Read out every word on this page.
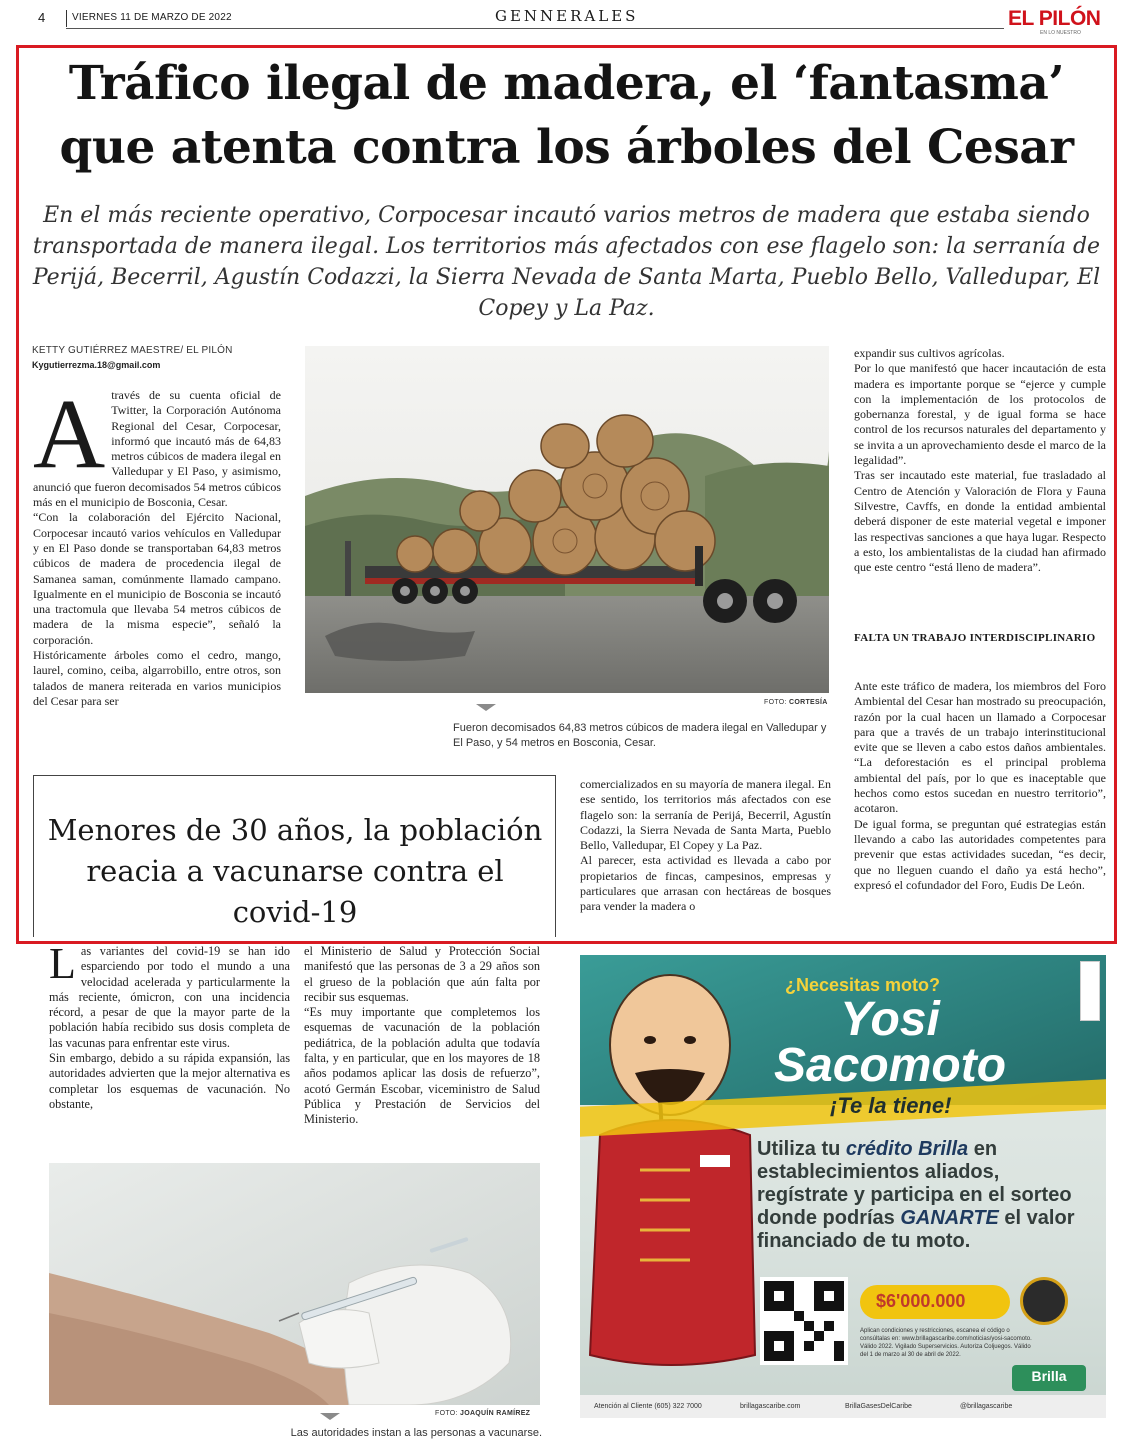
4	VIERNES 11 DE MARZO DE 2022	GENNERALES	EL PILÓN
EN LO NUESTRO
Tráfico ilegal de madera, el ‘fantasma’
que atenta contra los árboles del Cesar
En el más reciente operativo, Corpocesar incautó varios metros de madera que estaba siendo transportada de manera ilegal. Los territorios más afectados con ese flagelo son: la serranía de Perijá, Becerril, Agustín Codazzi, la Sierra Nevada de Santa Marta, Pueblo Bello, Valledupar, El Copey y La Paz.
KETTY GUTIÉRREZ MAESTRE/ EL PILÓN
Kygutierrezma.18@gmail.com
A través de su cuenta oficial de Twitter, la Corporación Autónoma Regional del Cesar, Corpocesar, informó que incautó más de 64,83 metros cúbicos de madera ilegal en Valledupar y El Paso, y asimismo, anunció que fueron decomisados 54 metros cúbicos más en el municipio de Bosconia, Cesar.

“Con la colaboración del Ejército Nacional, Corpocesar incautó varios vehículos en Valledupar y en El Paso donde se transportaban 64,83 metros cúbicos de madera de procedencia ilegal de Samanea saman, comúnmente llamado campano. Igualmente en el municipio de Bosconia se incautó una tractomula que llevaba 54 metros cúbicos de madera de la misma especie”, señaló la corporación.

Históricamente árboles como el cedro, mango, laurel, comino, ceiba, algarrobillo, entre otros, son talados de manera reiterada en varios municipios del Cesar para ser	FOTO: CORTESÍA
Fueron decomisados 64,83 metros cúbicos de madera ilegal en Valledupar y El Paso, y 54 metros en Bosconia, Cesar.

comercializados en su mayoría de manera ilegal. En ese sentido, los territorios más afectados con ese flagelo son: la serranía de Perijá, Becerril, Agustín Codazzi, la Sierra Nevada de Santa Marta, Pueblo Bello, Valledupar, El Copey y La Paz.

Al parecer, esta actividad es llevada a cabo por propietarios de fincas, campesinos, empresas y particulares que arrasan con hectáreas de bosques para vender la madera o

expandir sus cultivos agrícolas.

Por lo que manifestó que hacer incautación de esta madera es importante porque se “ejerce y cumple con la implementación de los protocolos de gobernanza forestal, y de igual forma se hace control de los recursos naturales del departamento y se invita a un aprovechamiento desde el marco de la legalidad”.

Tras ser incautado este material, fue trasladado al Centro de Atención y Valoración de Flora y Fauna Silvestre, Cavffs, en donde la entidad ambiental deberá disponer de este material vegetal e imponer las respectivas sanciones a que haya lugar. Respecto a esto, los ambientalistas de la ciudad han afirmado que este centro “está lleno de madera”.

FALTA UN TRABAJO INTERDISCIPLINARIO

Ante este tráfico de madera, los miembros del Foro Ambiental del Cesar han mostrado su preocupación, razón por la cual hacen un llamado a Corpocesar para que a través de un trabajo interinstitucional evite que se lleven a cabo estos daños ambientales. “La deforestación es el principal problema ambiental del país, por lo que es inaceptable que hechos como estos sucedan en nuestro territorio”, acotaron.

De igual forma, se preguntan qué estrategias están llevando a cabo las autoridades competentes para prevenir que estas actividades sucedan, “es decir, que no lleguen cuando el daño ya está hecho”, expresó el cofundador del Foro, Eudis De León.

Menores de 30 años, la población reacia a vacunarse contra el covid-19
L as variantes del covid-19 se han ido esparciendo por todo el mundo a una velocidad acelerada y particularmente la más reciente, ómicron, con una incidencia récord, a pesar de que la mayor parte de la población había recibido sus dosis completa de las vacunas para enfrentar este virus.

Sin embargo, debido a su rápida expansión, las autoridades advierten que la mejor alternativa es completar los esquemas de vacunación. No obstante,

el Ministerio de Salud y Protección Social manifestó que las personas de 3 a 29 años son el grueso de la población que aún falta por recibir sus esquemas.

“Es muy importante que completemos los esquemas de vacunación de la población pediátrica, de la población adulta que todavía falta, y en particular, que en los mayores de 18 años podamos aplicar las dosis de refuerzo”, acotó Germán Escobar, viceministro de Salud Pública y Prestación de Servicios del Ministerio.

FOTO: JOAQUÍN RAMÍREZ
Las autoridades instan a las personas a vacunarse.
¿Necesitas moto?
Yosi
Sacomoto
¡Te la tiene!
Utiliza tu crédito Brilla en establecimientos aliados, regístrate y participa en el sorteo donde podrías GANARTE el valor financiado de tu moto.
$6'000.000
Aplican condiciones y restricciones, escanea el código o consúltalas en: www.brillagascaribe.com/noticias/yosi-sacomoto. Válido 2022. Vigilado Superservicios. Autoriza Coljuegos. Válido del 1 de marzo al 30 de abril de 2022.
Brilla
Atención al Cliente (605) 322 7000	brillagascaribe.com	BrillaGasesDelCaribe	@brillagascaribe
